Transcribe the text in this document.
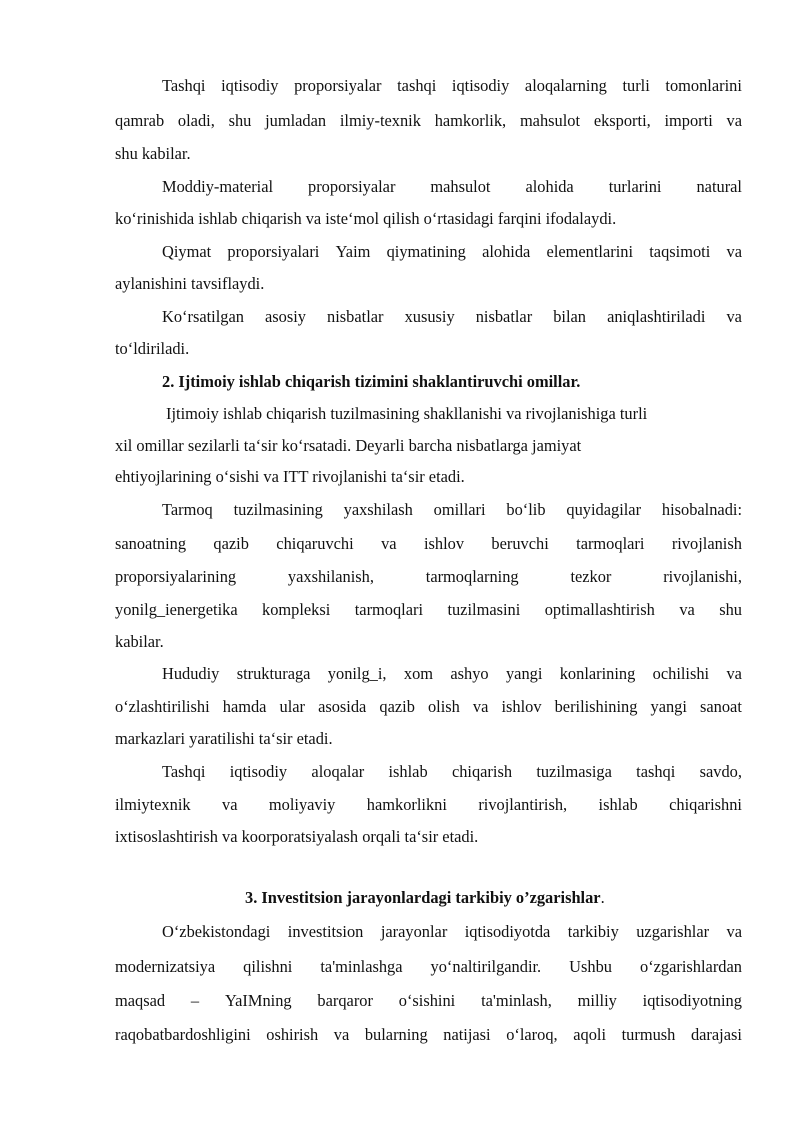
Tashqi iqtisodiy proporsiyalar tashqi iqtisodiy aloqalarning turli tomonlarini
qamrab oladi, shu jumladan ilmiy-texnik hamkorlik, mahsulot eksporti, importi va
shu kabilar.
Moddiy-material proporsiyalar mahsulot alohida turlarini natural
ko‘rinishida ishlab chiqarish va iste‘mol qilish o‘rtasidagi farqini ifodalaydi.
Qiymat proporsiyalari Yaim qiymatining alohida elementlarini taqsimoti va
aylanishini tavsiflaydi.
Ko‘rsatilgan asosiy nisbatlar xususiy nisbatlar bilan aniqlashtiriladi va
to‘ldiriladi.
2. Ijtimoiy ishlab chiqarish tizimini shaklantiruvchi omillar.
Ijtimoiy ishlab chiqarish tuzilmasining shakllanishi va rivojlanishiga turli
xil omillar sezilarli ta‘sir ko‘rsatadi. Deyarli barcha nisbatlarga jamiyat
ehtiyojlarining o‘sishi va ITT rivojlanishi ta‘sir etadi.
Tarmoq tuzilmasining yaxshilash omillari bo‘lib quyidagilar hisobalnadi:
sanoatning qazib chiqaruvchi va ishlov beruvchi tarmoqlari rivojlanish
proporsiyalarining	yaxshilanish,	tarmoqlarning	tezkor	rivojlanishi,
yonilg_ienergetika kompleksi tarmoqlari tuzilmasini optimallashtirish va shu
kabilar.
Hududiy strukturaga yonilg_i, xom ashyo yangi konlarining ochilishi va
o‘zlashtirilishi hamda ular asosida qazib olish va ishlov berilishining yangi sanoat
markazlari yaratilishi ta‘sir etadi.
Tashqi iqtisodiy aloqalar ishlab chiqarish tuzilmasiga tashqi savdo,
ilmiytexnik va moliyaviy hamkorlikni rivojlantirish, ishlab chiqarishni
ixtisoslashtirish va koorporatsiyalash orqali ta‘sir etadi.
3. Investitsion jarayonlardagi tarkibiy o’zgarishlar.
O‘zbekistondagi investitsion jarayonlar iqtisodiyotda tarkibiy uzgarishlar va
modernizatsiya qilishni ta'minlashga yo‘naltirilgandir. Ushbu o‘zgarishlardan
maqsad – YaIMning barqaror o‘sishini ta'minlash, milliy iqtisodiyotning
raqobatbardoshligini oshirish va bularning natijasi o‘laroq, aqoli turmush darajasi
